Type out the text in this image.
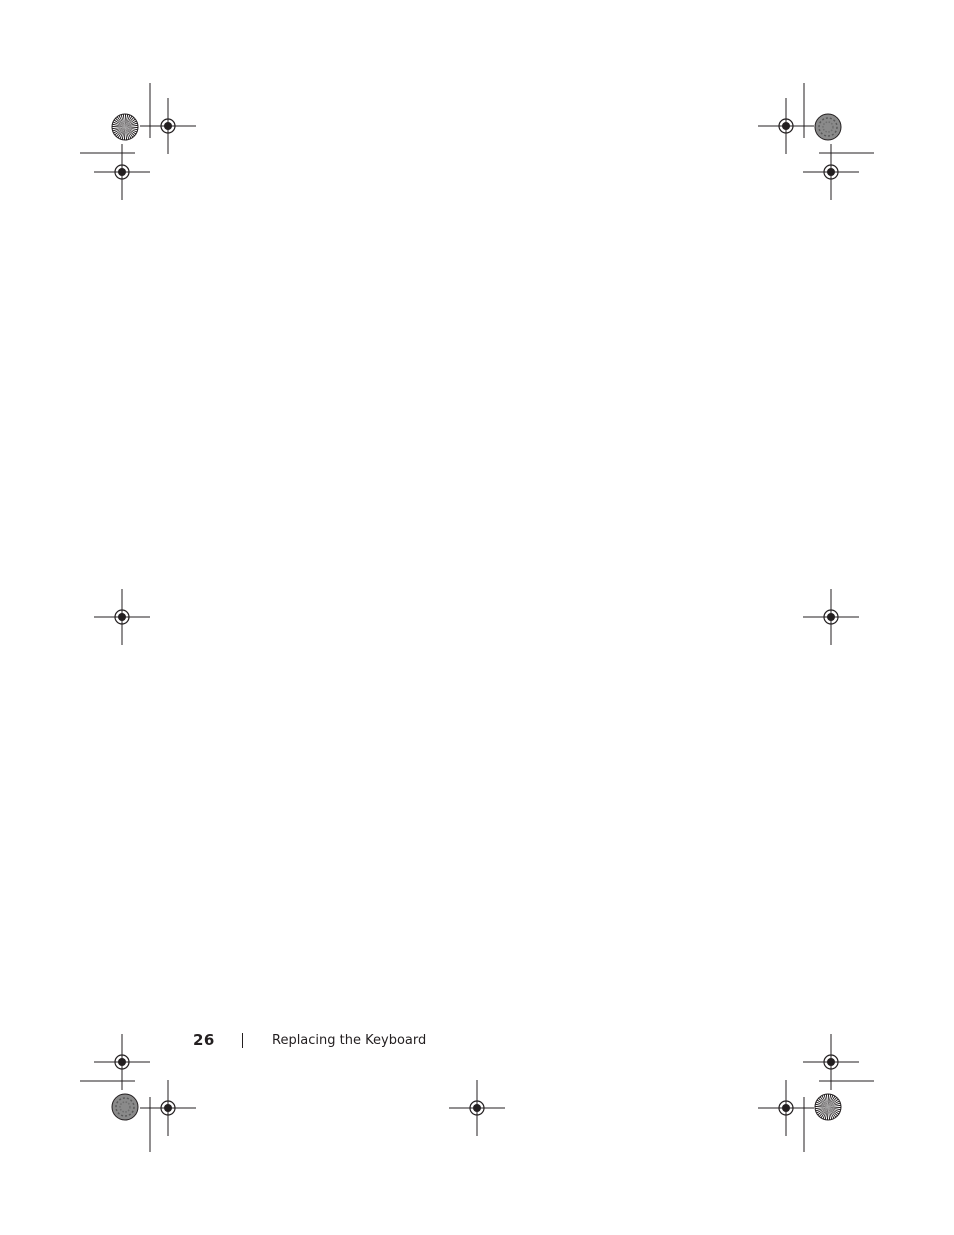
26	Replacing the Keyboard
